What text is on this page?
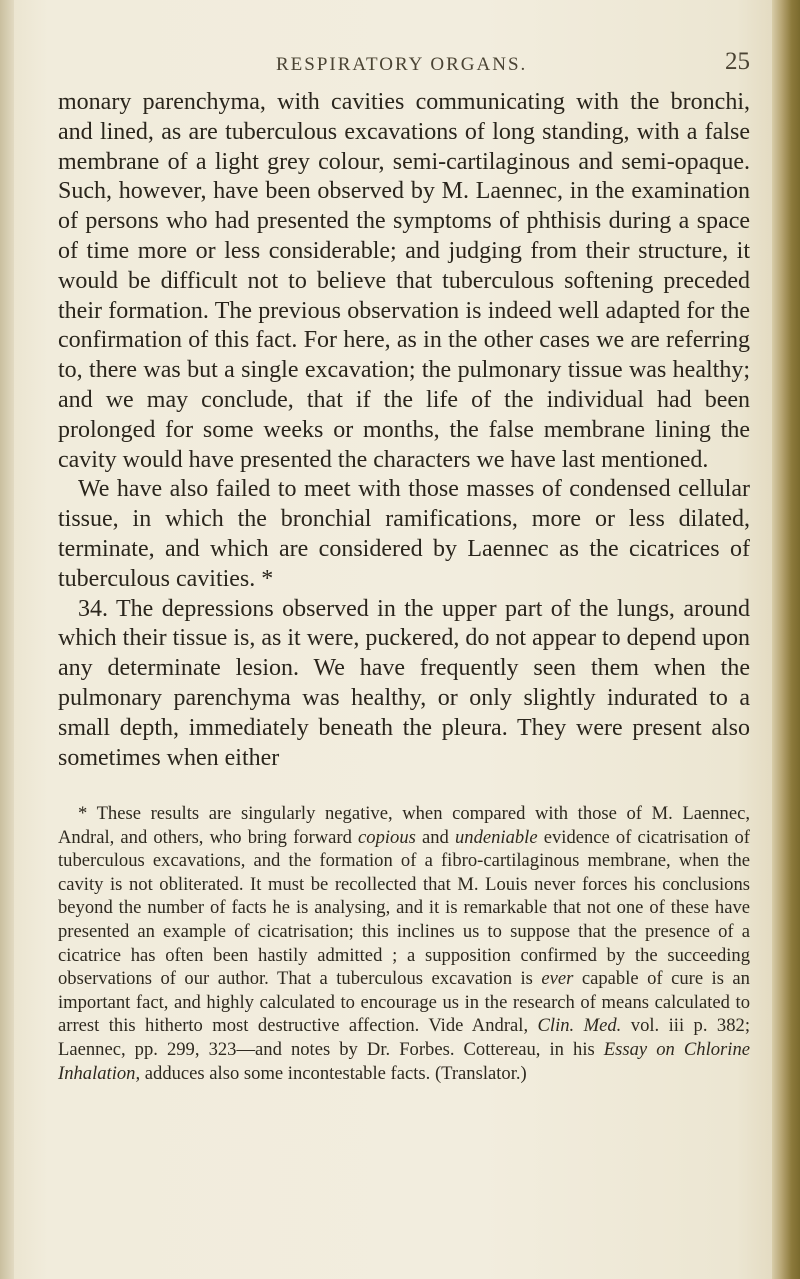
RESPIRATORY ORGANS.	25

monary parenchyma, with cavities communicating with the bronchi, and lined, as are tuberculous excavations of long standing, with a false membrane of a light grey colour, semi-cartilaginous and semi-opaque. Such, however, have been observed by M. Laennec, in the examination of persons who had presented the symptoms of phthisis during a space of time more or less considerable; and judging from their structure, it would be difficult not to believe that tuberculous softening preceded their formation. The previous observation is indeed well adapted for the confirmation of this fact. For here, as in the other cases we are referring to, there was but a single excavation; the pulmonary tissue was healthy; and we may conclude, that if the life of the individual had been prolonged for some weeks or months, the false membrane lining the cavity would have presented the characters we have last mentioned.

We have also failed to meet with those masses of condensed cellular tissue, in which the bronchial ramifications, more or less dilated, terminate, and which are considered by Laennec as the cicatrices of tuberculous cavities. *

34. The depressions observed in the upper part of the lungs, around which their tissue is, as it were, puckered, do not appear to depend upon any determinate lesion. We have frequently seen them when the pulmonary parenchyma was healthy, or only slightly indurated to a small depth, immediately beneath the pleura. They were present also sometimes when either

* These results are singularly negative, when compared with those of M. Laennec, Andral, and others, who bring forward copious and undeniable evidence of cicatrisation of tuberculous excavations, and the formation of a fibro-cartilaginous membrane, when the cavity is not obliterated. It must be recollected that M. Louis never forces his conclusions beyond the number of facts he is analysing, and it is remarkable that not one of these have presented an example of cicatrisation; this inclines us to suppose that the presence of a cicatrice has often been hastily admitted ; a supposition confirmed by the succeeding observations of our author. That a tuberculous excavation is ever capable of cure is an important fact, and highly calculated to encourage us in the research of means calculated to arrest this hitherto most destructive affection. Vide Andral, Clin. Med. vol. iii p. 382; Laennec, pp. 299, 323—and notes by Dr. Forbes. Cottereau, in his Essay on Chlorine Inhalation, adduces also some incontestable facts. (Translator.)
